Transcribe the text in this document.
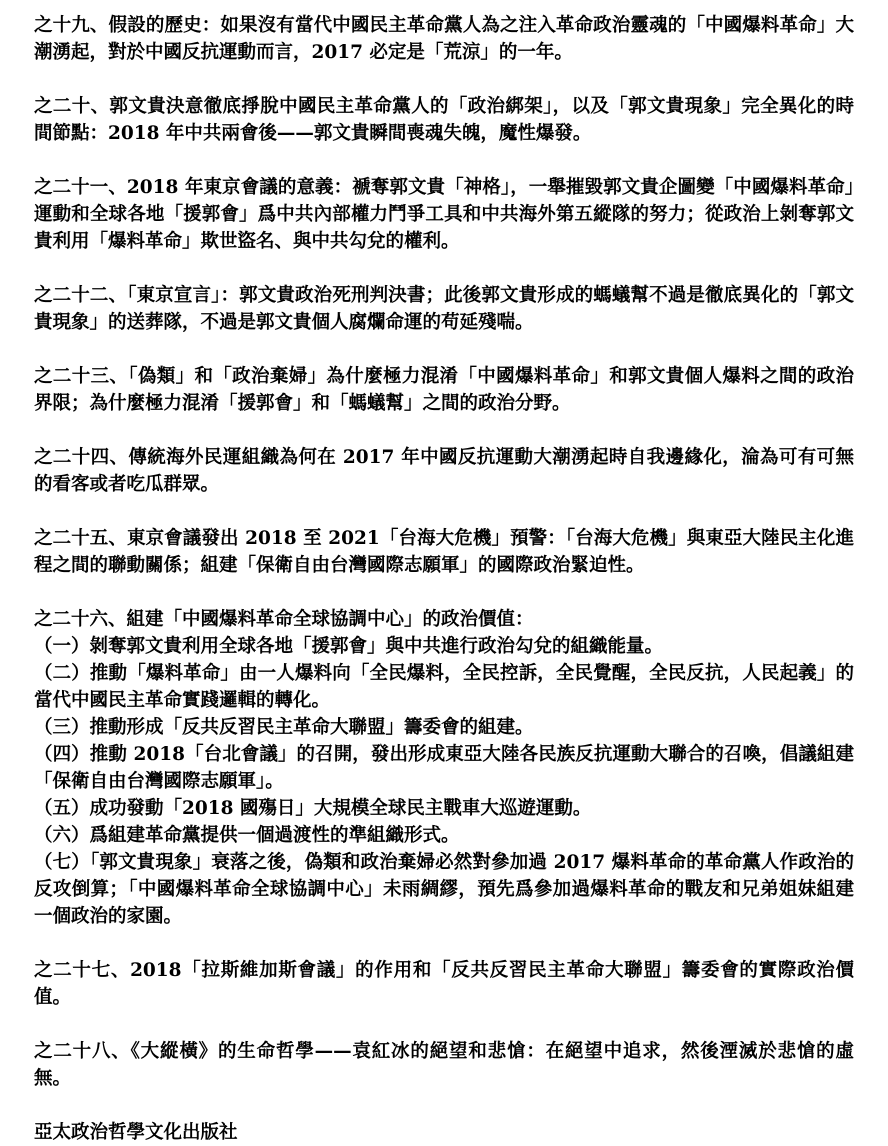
之十九、假設的歷史：如果沒有當代中國民主革命黨人為之注入革命政治靈魂的「中國爆料革命」大潮湧起，對於中國反抗運動而言，2017 必定是「荒涼」的一年。

之二十、郭文貴決意徹底掙脫中國民主革命黨人的「政治綁架」，以及「郭文貴現象」完全異化的時間節點：2018 年中共兩會後——郭文貴瞬間喪魂失魄，魔性爆發。

之二十一、2018 年東京會議的意義：褫奪郭文貴「神格」，一舉摧毀郭文貴企圖變「中國爆料革命」運動和全球各地「援郭會」爲中共內部權力鬥爭工具和中共海外第五縱隊的努力；從政治上剝奪郭文貴利用「爆料革命」欺世盜名、與中共勾兌的權利。

之二十二、「東京宣言」：郭文貴政治死刑判決書；此後郭文貴形成的螞蟻幫不過是徹底異化的「郭文貴現象」的送葬隊，不過是郭文貴個人腐爛命運的苟延殘喘。

之二十三、「偽類」和「政治棄婦」為什麼極力混淆「中國爆料革命」和郭文貴個人爆料之間的政治界限；為什麼極力混淆「援郭會」和「螞蟻幫」之間的政治分野。

之二十四、傳統海外民運組織為何在 2017 年中國反抗運動大潮湧起時自我邊緣化，淪為可有可無的看客或者吃瓜群眾。

之二十五、東京會議發出 2018 至 2021「台海大危機」預警：「台海大危機」與東亞大陸民主化進程之間的聯動關係；組建「保衛自由台灣國際志願軍」的國際政治緊迫性。

之二十六、組建「中國爆料革命全球協調中心」的政治價值：
（一）剝奪郭文貴利用全球各地「援郭會」與中共進行政治勾兌的組織能量。
（二）推動「爆料革命」由一人爆料向「全民爆料，全民控訴，全民覺醒，全民反抗，人民起義」的當代中國民主革命實踐邏輯的轉化。
（三）推動形成「反共反習民主革命大聯盟」籌委會的組建。
（四）推動 2018「台北會議」的召開，發出形成東亞大陸各民族反抗運動大聯合的召喚，倡議組建「保衛自由台灣國際志願軍」。
（五）成功發動「2018 國殤日」大規模全球民主戰車大巡遊運動。
（六）爲組建革命黨提供一個過渡性的準組織形式。
（七）「郭文貴現象」衰落之後，偽類和政治棄婦必然對參加過 2017 爆料革命的革命黨人作政治的反攻倒算；「中國爆料革命全球協調中心」未雨綢繆，預先爲參加過爆料革命的戰友和兄弟姐妹組建一個政治的家園。

之二十七、2018「拉斯維加斯會議」的作用和「反共反習民主革命大聯盟」籌委會的實際政治價值。

之二十八、《大縱橫》的生命哲學——袁紅冰的絕望和悲愴：在絕望中追求，然後湮滅於悲愴的虛無。

亞太政治哲學文化出版社
